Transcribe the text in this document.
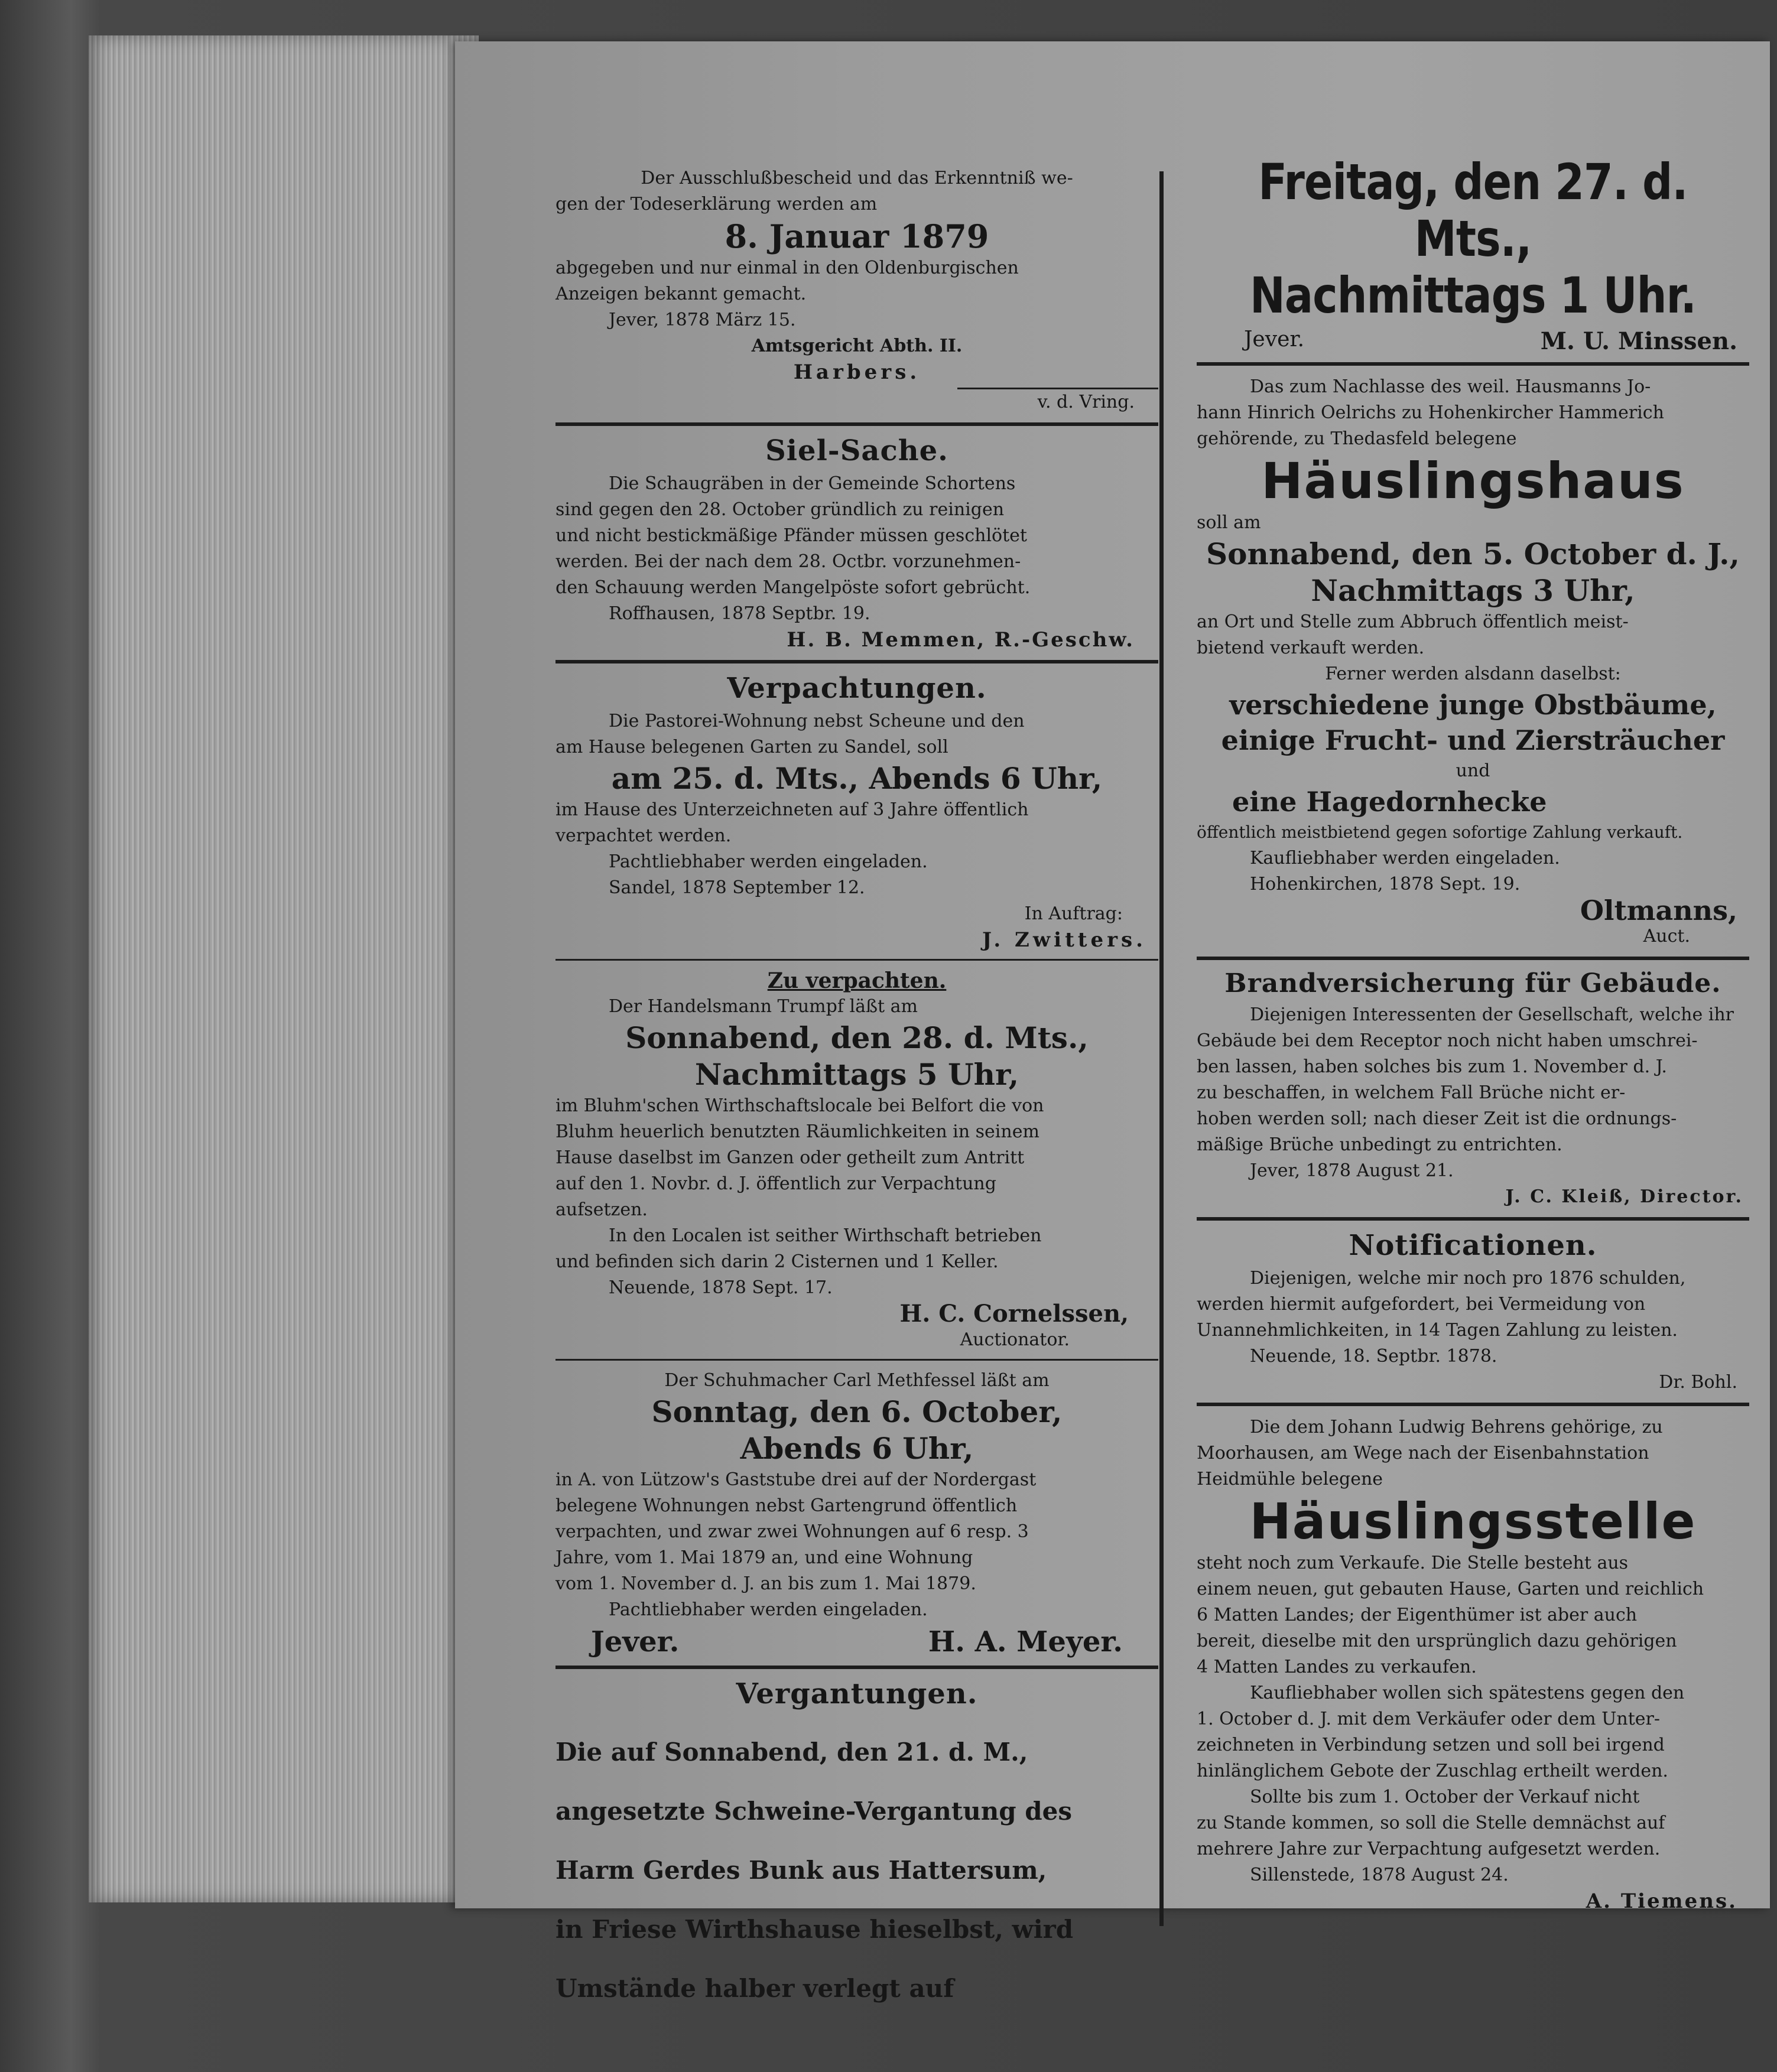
Der Ausschlußbescheid und das Erkenntniß we-

gen der Todeserklärung werden am

8. Januar 1879

abgegeben und nur einmal in den Oldenburgischen

Anzeigen bekannt gemacht.

Jever, 1878 März 15.

Amtsgericht Abth. II.

Harbers.

v. d. Vring.

Siel-Sache.

Die Schaugräben in der Gemeinde Schortens

sind gegen den 28. October gründlich zu reinigen

und nicht bestickmäßige Pfänder müssen geschlötet

werden. Bei der nach dem 28. Octbr. vorzunehmen-

den Schauung werden Mangelpöste sofort gebrücht.

Roffhausen, 1878 Septbr. 19.

H. B. Memmen, R.-Geschw.

Verpachtungen.

Die Pastorei-Wohnung nebst Scheune und den

am Hause belegenen Garten zu Sandel, soll

am 25. d. Mts., Abends 6 Uhr,

im Hause des Unterzeichneten auf 3 Jahre öffentlich

verpachtet werden.

Pachtliebhaber werden eingeladen.

Sandel, 1878 September 12.

In Auftrag:

J. Zwitters.

Zu verpachten.

Der Handelsmann Trumpf läßt am

Sonnabend, den 28. d. Mts.,

Nachmittags 5 Uhr,

im Bluhm'schen Wirthschaftslocale bei Belfort die von

Bluhm heuerlich benutzten Räumlichkeiten in seinem

Hause daselbst im Ganzen oder getheilt zum Antritt

auf den 1. Novbr. d. J. öffentlich zur Verpachtung

aufsetzen.

In den Localen ist seither Wirthschaft betrieben

und befinden sich darin 2 Cisternen und 1 Keller.

Neuende, 1878 Sept. 17.

H. C. Cornelssen,

Auctionator.

Der Schuhmacher Carl Methfessel läßt am

Sonntag, den 6. October,

Abends 6 Uhr,

in A. von Lützow's Gaststube drei auf der Nordergast

belegene Wohnungen nebst Gartengrund öffentlich

verpachten, und zwar zwei Wohnungen auf 6 resp. 3

Jahre, vom 1. Mai 1879 an, und eine Wohnung

vom 1. November d. J. an bis zum 1. Mai 1879.

Pachtliebhaber werden eingeladen.

Jever.	H. A. Meyer.

Vergantungen.

Die auf Sonnabend, den 21. d. M.,

angesetzte Schweine-Vergantung des

Harm Gerdes Bunk aus Hattersum,

in Friese Wirthshause hieselbst, wird

Umstände halber verlegt auf

Freitag, den 27. d. Mts.,

Nachmittags 1 Uhr.

Jever.	M. U. Minssen.

Das zum Nachlasse des weil. Hausmanns Jo-

hann Hinrich Oelrichs zu Hohenkircher Hammerich

gehörende, zu Thedasfeld belegene

Häuslingshaus

soll am

Sonnabend, den 5. October d. J.,

Nachmittags 3 Uhr,

an Ort und Stelle zum Abbruch öffentlich meist-

bietend verkauft werden.

Ferner werden alsdann daselbst:

verschiedene junge Obstbäume,

einige Frucht- und Ziersträucher

und

eine Hagedornhecke

öffentlich meistbietend gegen sofortige Zahlung verkauft.

Kaufliebhaber werden eingeladen.

Hohenkirchen, 1878 Sept. 19.

Oltmanns,

Auct.

Brandversicherung für Gebäude.

Diejenigen Interessenten der Gesellschaft, welche ihr

Gebäude bei dem Receptor noch nicht haben umschrei-

ben lassen, haben solches bis zum 1. November d. J.

zu beschaffen, in welchem Fall Brüche nicht er-

hoben werden soll; nach dieser Zeit ist die ordnungs-

mäßige Brüche unbedingt zu entrichten.

Jever, 1878 August 21.

J. C. Kleiß, Director.

Notificationen.

Diejenigen, welche mir noch pro 1876 schulden,

werden hiermit aufgefordert, bei Vermeidung von

Unannehmlichkeiten, in 14 Tagen Zahlung zu leisten.

Neuende, 18. Septbr. 1878.

Dr. Bohl.

Die dem Johann Ludwig Behrens gehörige, zu

Moorhausen, am Wege nach der Eisenbahnstation

Heidmühle belegene

Häuslingsstelle

steht noch zum Verkaufe. Die Stelle besteht aus

einem neuen, gut gebauten Hause, Garten und reichlich

6 Matten Landes; der Eigenthümer ist aber auch

bereit, dieselbe mit den ursprünglich dazu gehörigen

4 Matten Landes zu verkaufen.

Kaufliebhaber wollen sich spätestens gegen den

1. October d. J. mit dem Verkäufer oder dem Unter-

zeichneten in Verbindung setzen und soll bei irgend

hinlänglichem Gebote der Zuschlag ertheilt werden.

Sollte bis zum 1. October der Verkauf nicht

zu Stande kommen, so soll die Stelle demnächst auf

mehrere Jahre zur Verpachtung aufgesetzt werden.

Sillenstede, 1878 August 24.

A. Tiemens.
